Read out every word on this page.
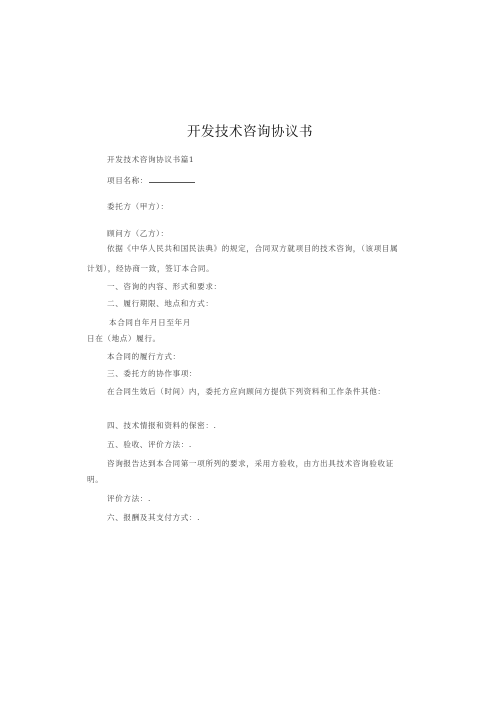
开发技术咨询协议书
开发技术咨询协议书篇1
项目名称：
委托方（甲方）：
顾问方（乙方）：
依据《中华人民共和国民法典》的规定，合同双方就项目的技术咨询，（该项目属
计划），经协商一致，签订本合同。
一、咨询的内容、形式和要求：
二、履行期限、地点和方式：
本合同自年月日至年月
日在（地点）履行。
本合同的履行方式：
三、委托方的协作事项：
在合同生效后（时间）内，委托方应向顾问方提供下列资料和工作条件其他：
四、技术情报和资料的保密：.
五、验收、评价方法：.
咨询报告达到本合同第一项所列的要求，采用方验收，由方出具技术咨询验收证
明。
评价方法：.
六、报酬及其支付方式：.
